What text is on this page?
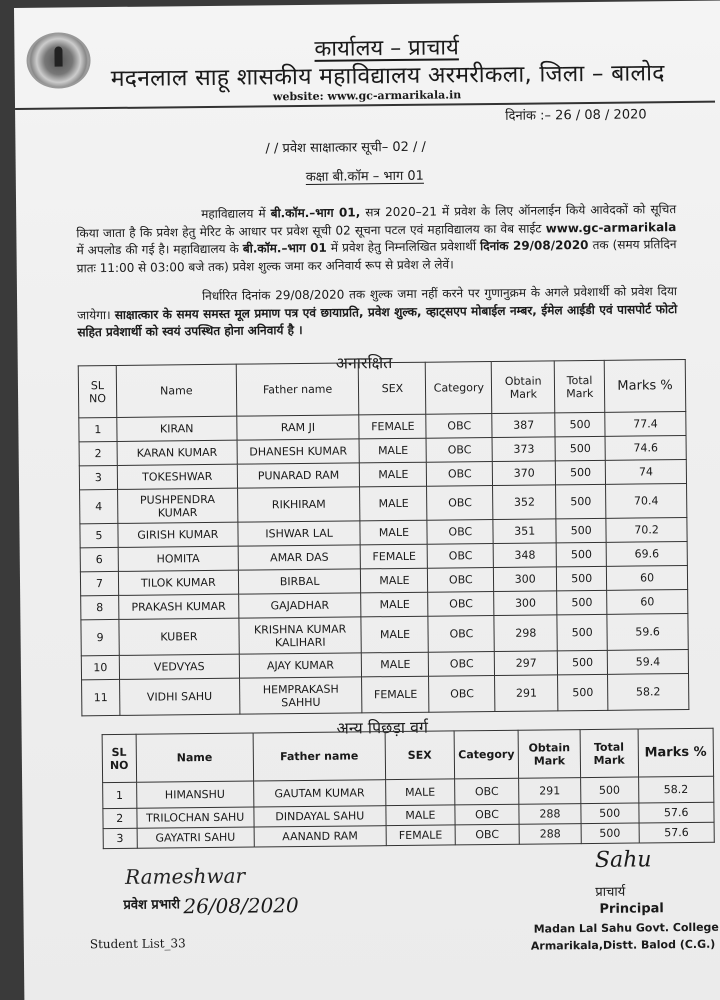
कार्यालय – प्राचार्य
मदनलाल साहू शासकीय महाविद्यालय अरमरीकला, जिला – बालोद
website: www.gc-armarikala.in
दिनांक :– 26 / 08 / 2020
/ / प्रवेश साक्षात्कार सूची– 02 / /
कक्षा बी.कॉम – भाग 01
महाविद्यालय में बी.कॉम.–भाग 01, सत्र 2020–21 में प्रवेश के लिए ऑनलाईन किये आवेदकों को सूचित किया जाता है कि प्रवेश हेतु मेरिट के आधार पर प्रवेश सूची 02 सूचना पटल एवं महाविद्यालय का वेब साईट www.gc-armarikala में अपलोड की गई है। महाविद्यालय के बी.कॉम.–भाग 01 में प्रवेश हेतु निम्नलिखित प्रवेशार्थी दिनांक 29/08/2020 तक (समय प्रतिदिन प्रातः 11:00 से 03:00 बजे तक) प्रवेश शुल्क जमा कर अनिवार्य रूप से प्रवेश ले लेवें।
निर्धारित दिनांक 29/08/2020 तक शुल्क जमा नहीं करने पर गुणानुक्रम के अगले प्रवेशार्थी को प्रवेश दिया जायेगा। साक्षात्कार के समय समस्त मूल प्रमाण पत्र एवं छायाप्रति, प्रवेश शुल्क, व्हाट्सएप मोबाईल नम्बर, ईमेल आईडी एवं पासपोर्ट फोटो सहित प्रवेशार्थी को स्वयं उपस्थित होना अनिवार्य है ।
अनारक्षित
SL NO	Name	Father name	SEX	Category	Obtain Mark	Total Mark	Marks %
1	KIRAN	RAM JI	FEMALE	OBC	387	500	77.4
2	KARAN KUMAR	DHANESH KUMAR	MALE	OBC	373	500	74.6
3	TOKESHWAR	PUNARAD RAM	MALE	OBC	370	500	74
4	PUSHPENDRA KUMAR	RIKHIRAM	MALE	OBC	352	500	70.4
5	GIRISH KUMAR	ISHWAR LAL	MALE	OBC	351	500	70.2
6	HOMITA	AMAR DAS	FEMALE	OBC	348	500	69.6
7	TILOK KUMAR	BIRBAL	MALE	OBC	300	500	60
8	PRAKASH KUMAR	GAJADHAR	MALE	OBC	300	500	60
9	KUBER	KRISHNA KUMAR KALIHARI	MALE	OBC	298	500	59.6
10	VEDVYAS	AJAY KUMAR	MALE	OBC	297	500	59.4
11	VIDHI SAHU	HEMPRAKASH SAHHU	FEMALE	OBC	291	500	58.2
अन्य पिछड़ा वर्ग
SL NO	Name	Father name	SEX	Category	Obtain Mark	Total Mark	Marks %
1	HIMANSHU	GAUTAM KUMAR	MALE	OBC	291	500	58.2
2	TRILOCHAN SAHU	DINDAYAL SAHU	MALE	OBC	288	500	57.6
3	GAYATRI SAHU	AANAND RAM	FEMALE	OBC	288	500	57.6
Rameshwar
प्रवेश प्रभारी 26/08/2020
Student List_33
Sahu
प्राचार्य
Principal
Madan Lal Sahu Govt. College
Armarikala,Distt. Balod (C.G.)
